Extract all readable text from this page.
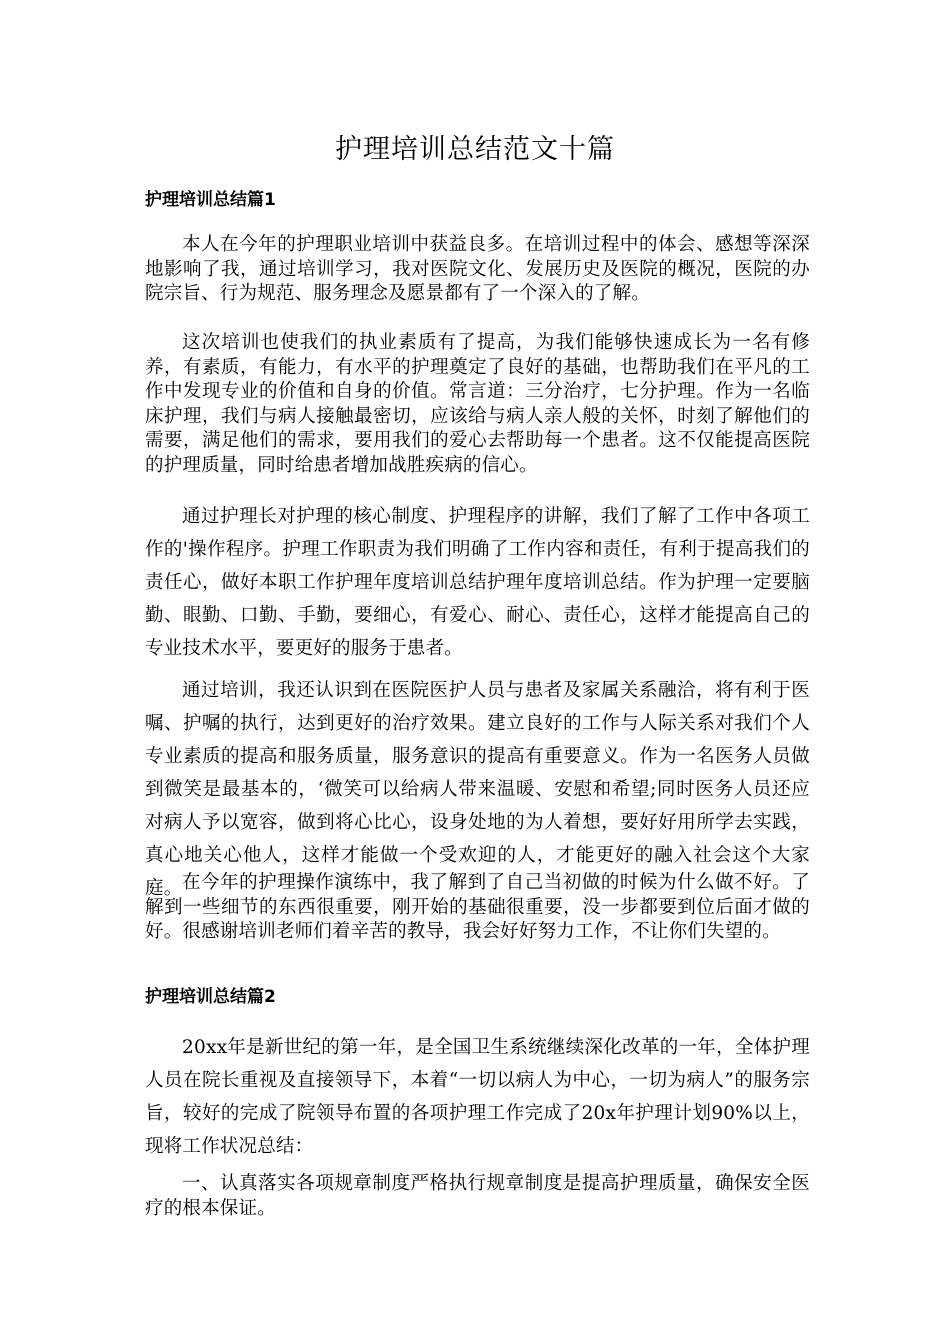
护理培训总结范文十篇
护理培训总结篇1

本人在今年的护理职业培训中获益良多。在培训过程中的体会、感想等深深地影响了我，通过培训学习，我对医院文化、发展历史及医院的概况，医院的办院宗旨、行为规范、服务理念及愿景都有了一个深入的了解。

这次培训也使我们的执业素质有了提高，为我们能够快速成长为一名有修养，有素质，有能力，有水平的护理奠定了良好的基础，也帮助我们在平凡的工作中发现专业的价值和自身的价值。常言道：三分治疗，七分护理。作为一名临床护理，我们与病人接触最密切，应该给与病人亲人般的关怀，时刻了解他们的需要，满足他们的需求，要用我们的爱心去帮助每一个患者。这不仅能提高医院的护理质量，同时给患者增加战胜疾病的信心。

通过护理长对护理的核心制度、护理程序的讲解，我们了解了工作中各项工作的'操作程序。护理工作职责为我们明确了工作内容和责任，有利于提高我们的责任心，做好本职工作护理年度培训总结护理年度培训总结。作为护理一定要脑勤、眼勤、口勤、手勤，要细心，有爱心、耐心、责任心，这样才能提高自己的专业技术水平，要更好的服务于患者。

通过培训，我还认识到在医院医护人员与患者及家属关系融洽，将有利于医嘱、护嘱的执行，达到更好的治疗效果。建立良好的工作与人际关系对我们个人专业素质的提高和服务质量，服务意识的提高有重要意义。作为一名医务人员做到微笑是最基本的，‘微笑可以给病人带来温暖、安慰和希望;同时医务人员还应对病人予以宽容，做到将心比心，设身处地的为人着想，要好好用所学去实践，真心地关心他人，这样才能做一个受欢迎的人，才能更好的融入社会这个大家庭。 在今年的护理操作演练中，我了解到了自己当初做的时候为什么做不好。了解到一些细节的东西很重要，刚开始的基础很重要，没一步都要到位后面才做的好。很感谢培训老师们着辛苦的教导，我会好好努力工作，不让你们失望的。

护理培训总结篇2

20xx年是新世纪的第一年，是全国卫生系统继续深化改革的一年，全体护理人员在院长重视及直接领导下，本着“一切以病人为中心，一切为病人”的服务宗旨，较好的完成了院领导布置的各项护理工作完成了20x年护理计划90%以上，现将工作状况总结：

一、认真落实各项规章制度严格执行规章制度是提高护理质量，确保安全医疗的根本保证。
